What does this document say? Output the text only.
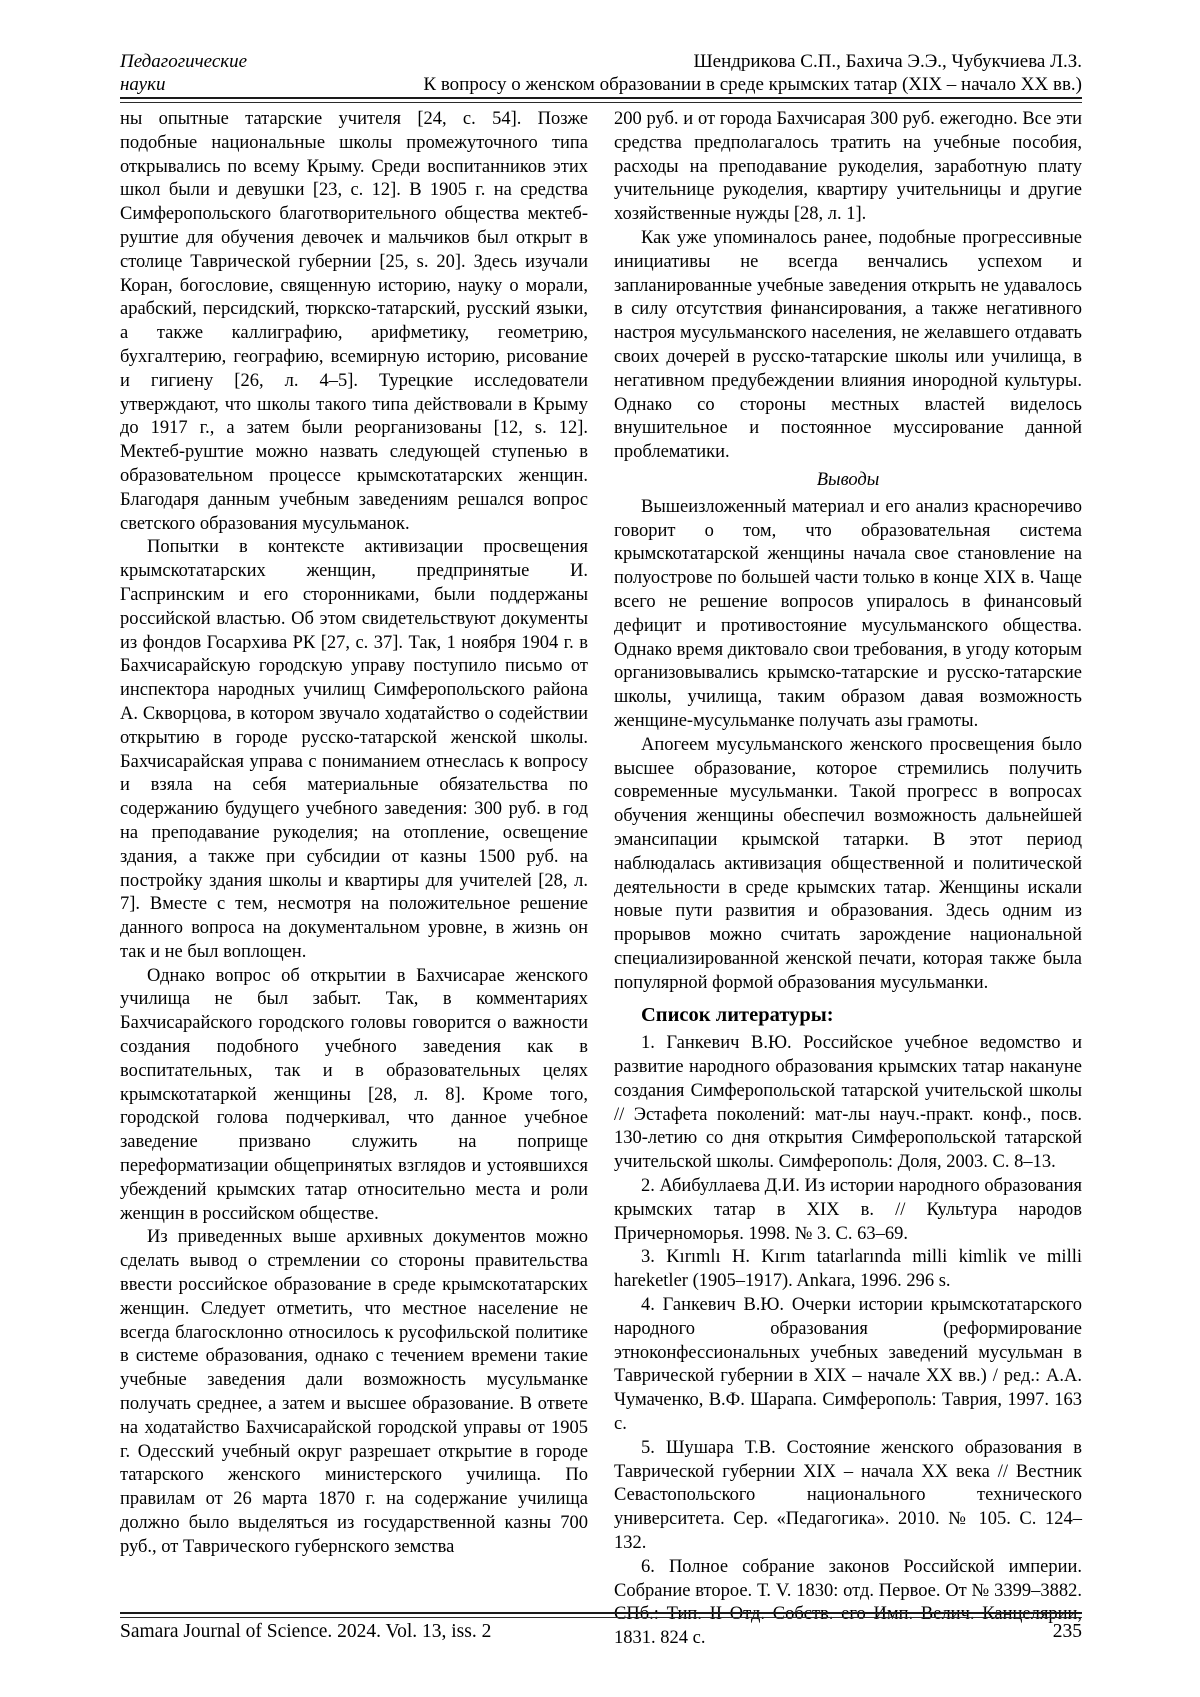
Педагогические
науки
Шендрикова С.П., Бахича Э.Э., Чубукчиева Л.З.
К вопросу о женском образовании в среде крымских татар (XIX – начало XX вв.)

ны опытные татарские учителя [24, с. 54]. Позже подобные национальные школы промежуточного типа открывались по всему Крыму. Среди воспитанников этих школ были и девушки [23, с. 12]. В 1905 г. на средства Симферопольского благотворительного общества мектеб-руштие для обучения девочек и мальчиков был открыт в столице Таврической губернии [25, s. 20]. Здесь изучали Коран, богословие, священную историю, науку о морали, арабский, персидский, тюркско-татарский, русский языки, а также каллиграфию, арифметику, геометрию, бухгалтерию, географию, всемирную историю, рисование и гигиену [26, л. 4–5]. Турецкие исследователи утверждают, что школы такого типа действовали в Крыму до 1917 г., а затем были реорганизованы [12, s. 12]. Мектеб-руштие можно назвать следующей ступенью в образовательном процессе крымскотатарских женщин. Благодаря данным учебным заведениям решался вопрос светского образования мусульманок.

Попытки в контексте активизации просвещения крымскотатарских женщин, предпринятые И. Гаспринским и его сторонниками, были поддержаны российской властью. Об этом свидетельствуют документы из фондов Госархива РК [27, с. 37]. Так, 1 ноября 1904 г. в Бахчисарайскую городскую управу поступило письмо от инспектора народных училищ Симферопольского района А. Скворцова, в котором звучало ходатайство о содействии открытию в городе русско-татарской женской школы. Бахчисарайская управа с пониманием отнеслась к вопросу и взяла на себя материальные обязательства по содержанию будущего учебного заведения: 300 руб. в год на преподавание рукоделия; на отопление, освещение здания, а также при субсидии от казны 1500 руб. на постройку здания школы и квартиры для учителей [28, л. 7]. Вместе с тем, несмотря на положительное решение данного вопроса на документальном уровне, в жизнь он так и не был воплощен.

Однако вопрос об открытии в Бахчисарае женского училища не был забыт. Так, в комментариях Бахчисарайского городского головы говорится о важности создания подобного учебного заведения как в воспитательных, так и в образовательных целях крымскотатаркой женщины [28, л. 8]. Кроме того, городской голова подчеркивал, что данное учебное заведение призвано служить на поприще переформатизации общепринятых взглядов и устоявшихся убеждений крымских татар относительно места и роли женщин в российском обществе.

Из приведенных выше архивных документов можно сделать вывод о стремлении со стороны правительства ввести российское образование в среде крымскотатарских женщин. Следует отметить, что местное население не всегда благосклонно относилось к русофильской политике в системе образования, однако с течением времени такие учебные заведения дали возможность мусульманке получать среднее, а затем и высшее образование. В ответе на ходатайство Бахчисарайской городской управы от 1905 г. Одесский учебный округ разрешает открытие в городе татарского женского министерского училища. По правилам от 26 марта 1870 г. на содержание училища должно было выделяться из государственной казны 700 руб., от Таврического губернского земства

200 руб. и от города Бахчисарая 300 руб. ежегодно. Все эти средства предполагалось тратить на учебные пособия, расходы на преподавание рукоделия, заработную плату учительнице рукоделия, квартиру учительницы и другие хозяйственные нужды [28, л. 1].

Как уже упоминалось ранее, подобные прогрессивные инициативы не всегда венчались успехом и запланированные учебные заведения открыть не удавалось в силу отсутствия финансирования, а также негативного настроя мусульманского населения, не желавшего отдавать своих дочерей в русско-татарские школы или училища, в негативном предубеждении влияния инородной культуры. Однако со стороны местных властей виделось внушительное и постоянное муссирование данной проблематики.

Выводы

Вышеизложенный материал и его анализ красноречиво говорит о том, что образовательная система крымскотатарской женщины начала свое становление на полуострове по большей части только в конце XIX в. Чаще всего не решение вопросов упиралось в финансовый дефицит и противостояние мусульманского общества. Однако время диктовало свои требования, в угоду которым организовывались крымско-татарские и русско-татарские школы, училища, таким образом давая возможность женщине-мусульманке получать азы грамоты.

Апогеем мусульманского женского просвещения было высшее образование, которое стремились получить современные мусульманки. Такой прогресс в вопросах обучения женщины обеспечил возможность дальнейшей эмансипации крымской татарки. В этот период наблюдалась активизация общественной и политической деятельности в среде крымских татар. Женщины искали новые пути развития и образования. Здесь одним из прорывов можно считать зарождение национальной специализированной женской печати, которая также была популярной формой образования мусульманки.

Список литературы:

1. Ганкевич В.Ю. Российское учебное ведомство и развитие народного образования крымских татар накануне создания Симферопольской татарской учительской школы // Эстафета поколений: мат-лы науч.-практ. конф., посв. 130-летию со дня открытия Симферопольской татарской учительской школы. Симферополь: Доля, 2003. С. 8–13.

2. Абибуллаева Д.И. Из истории народного образования крымских татар в XIX в. // Культура народов Причерноморья. 1998. № 3. С. 63–69.

3. Kırımlı H. Kırım tatarlarında milli kimlik ve milli hareketler (1905–1917). Ankara, 1996. 296 s.

4. Ганкевич В.Ю. Очерки истории крымскотатарского народного образования (реформирование этноконфессиональных учебных заведений мусульман в Таврической губернии в XIX – начале XX вв.) / ред.: А.А. Чумаченко, В.Ф. Шарапа. Симферополь: Таврия, 1997. 163 с.

5. Шушара Т.В. Состояние женского образования в Таврической губернии XIX – начала XX века // Вестник Севастопольского национального технического университета. Сер. «Педагогика». 2010. № 105. С. 124–132.

6. Полное собрание законов Российской империи. Собрание второе. Т. V. 1830: отд. Первое. От № 3399–3882. СПб.: Тип. II Отд. Собств. его Имп. Велич. Канцелярии, 1831. 824 с.

Samara Journal of Science. 2024. Vol. 13, iss. 2	235
